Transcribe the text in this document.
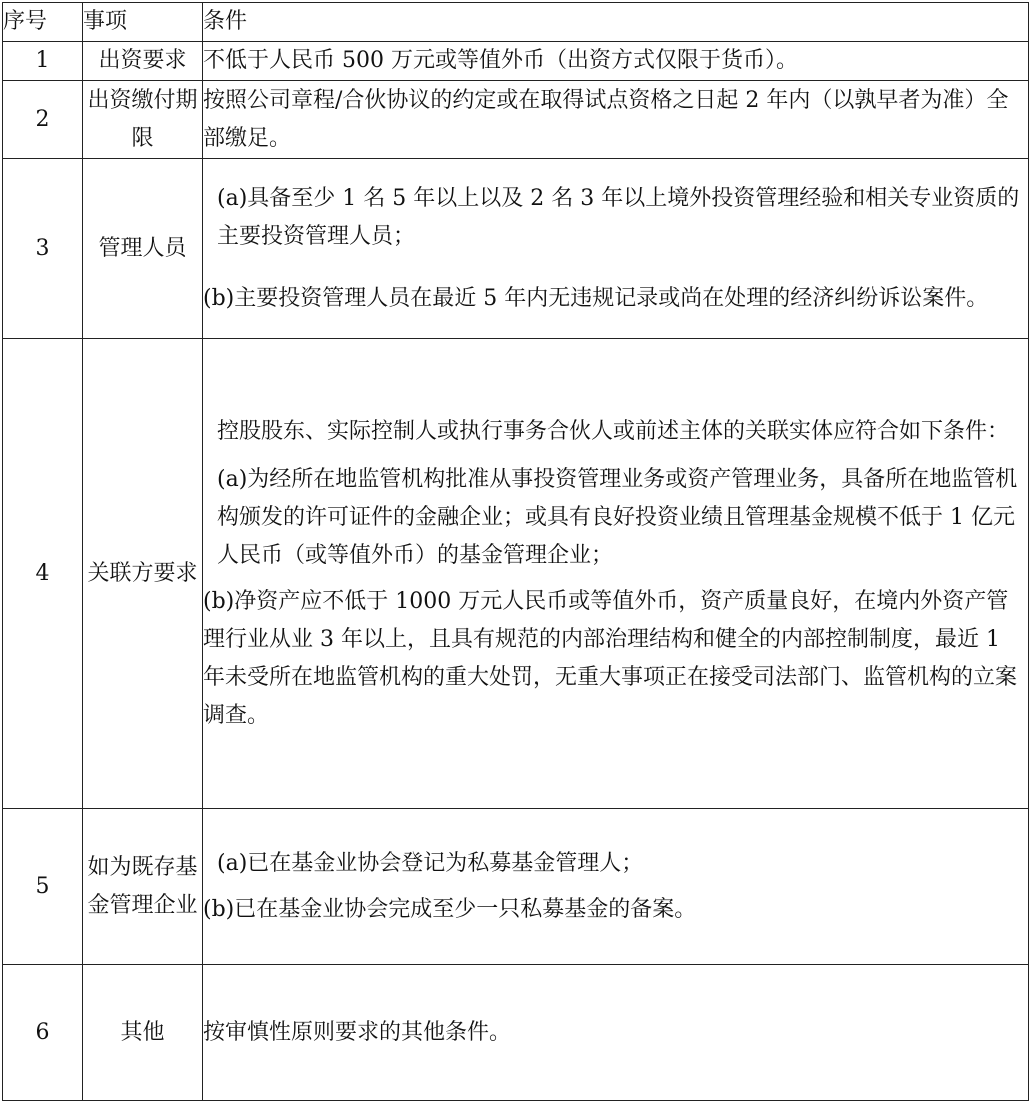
序号	事项	条件
1	出资要求	不低于人民币 500 万元或等值外币（出资方式仅限于货币）。

2	出资缴付期限	按照公司章程/合伙协议的约定或在取得试点资格之日起 2 年内（以孰早者为准）全部缴足。

3	管理人员	(a)具备至少 1 名 5 年以上以及 2 名 3 年以上境外投资管理经验和相关专业资质的主要投资管理人员；
(b)主要投资管理人员在最近 5 年内无违规记录或尚在处理的经济纠纷诉讼案件。

4	关联方要求	控股股东、实际控制人或执行事务合伙人或前述主体的关联实体应符合如下条件：
(a)为经所在地监管机构批准从事投资管理业务或资产管理业务，具备所在地监管机构颁发的许可证件的金融企业；或具有良好投资业绩且管理基金规模不低于 1 亿元人民币（或等值外币）的基金管理企业；
(b)净资产应不低于 1000 万元人民币或等值外币，资产质量良好，在境内外资产管理行业从业 3 年以上，且具有规范的内部治理结构和健全的内部控制制度，最近 1 年未受所在地监管机构的重大处罚，无重大事项正在接受司法部门、监管机构的立案调查。

5	如为既存基金管理企业	(a)已在基金业协会登记为私募基金管理人；
(b)已在基金业协会完成至少一只私募基金的备案。

6	其他	按审慎性原则要求的其他条件。
